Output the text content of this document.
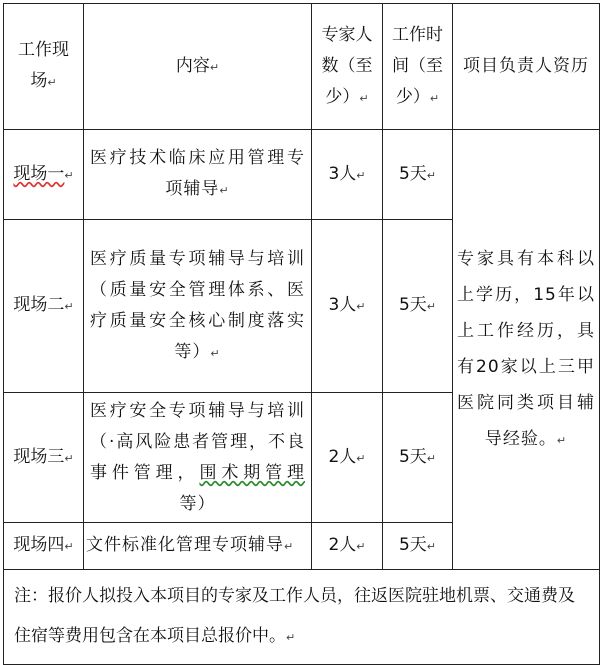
工作现场↵	内容↵	专家人数（至少）↵	工作时间（至少）↵	项目负责人资历
现场一↵	医疗技术临床应用管理专项辅导↵	3人↵	5天↵	专家具有本科以上学历，15年以上工作经历，具有20家以上三甲医院同类项目辅导经验。↵
现场二↵	医疗质量专项辅导与培训（质量安全管理体系、医疗质量安全核心制度落实等）↵	3人↵	5天↵	
现场三↵	医疗安全专项辅导与培训（·高风险患者管理，不良事件管理，围术期管理等）	2人↵	5天↵	
现场四↵	文件标准化管理专项辅导↵	2人↵	5天↵	
注：报价人拟投入本项目的专家及工作人员，往返医院驻地机票、交通费及住宿等费用包含在本项目总报价中。↵				
